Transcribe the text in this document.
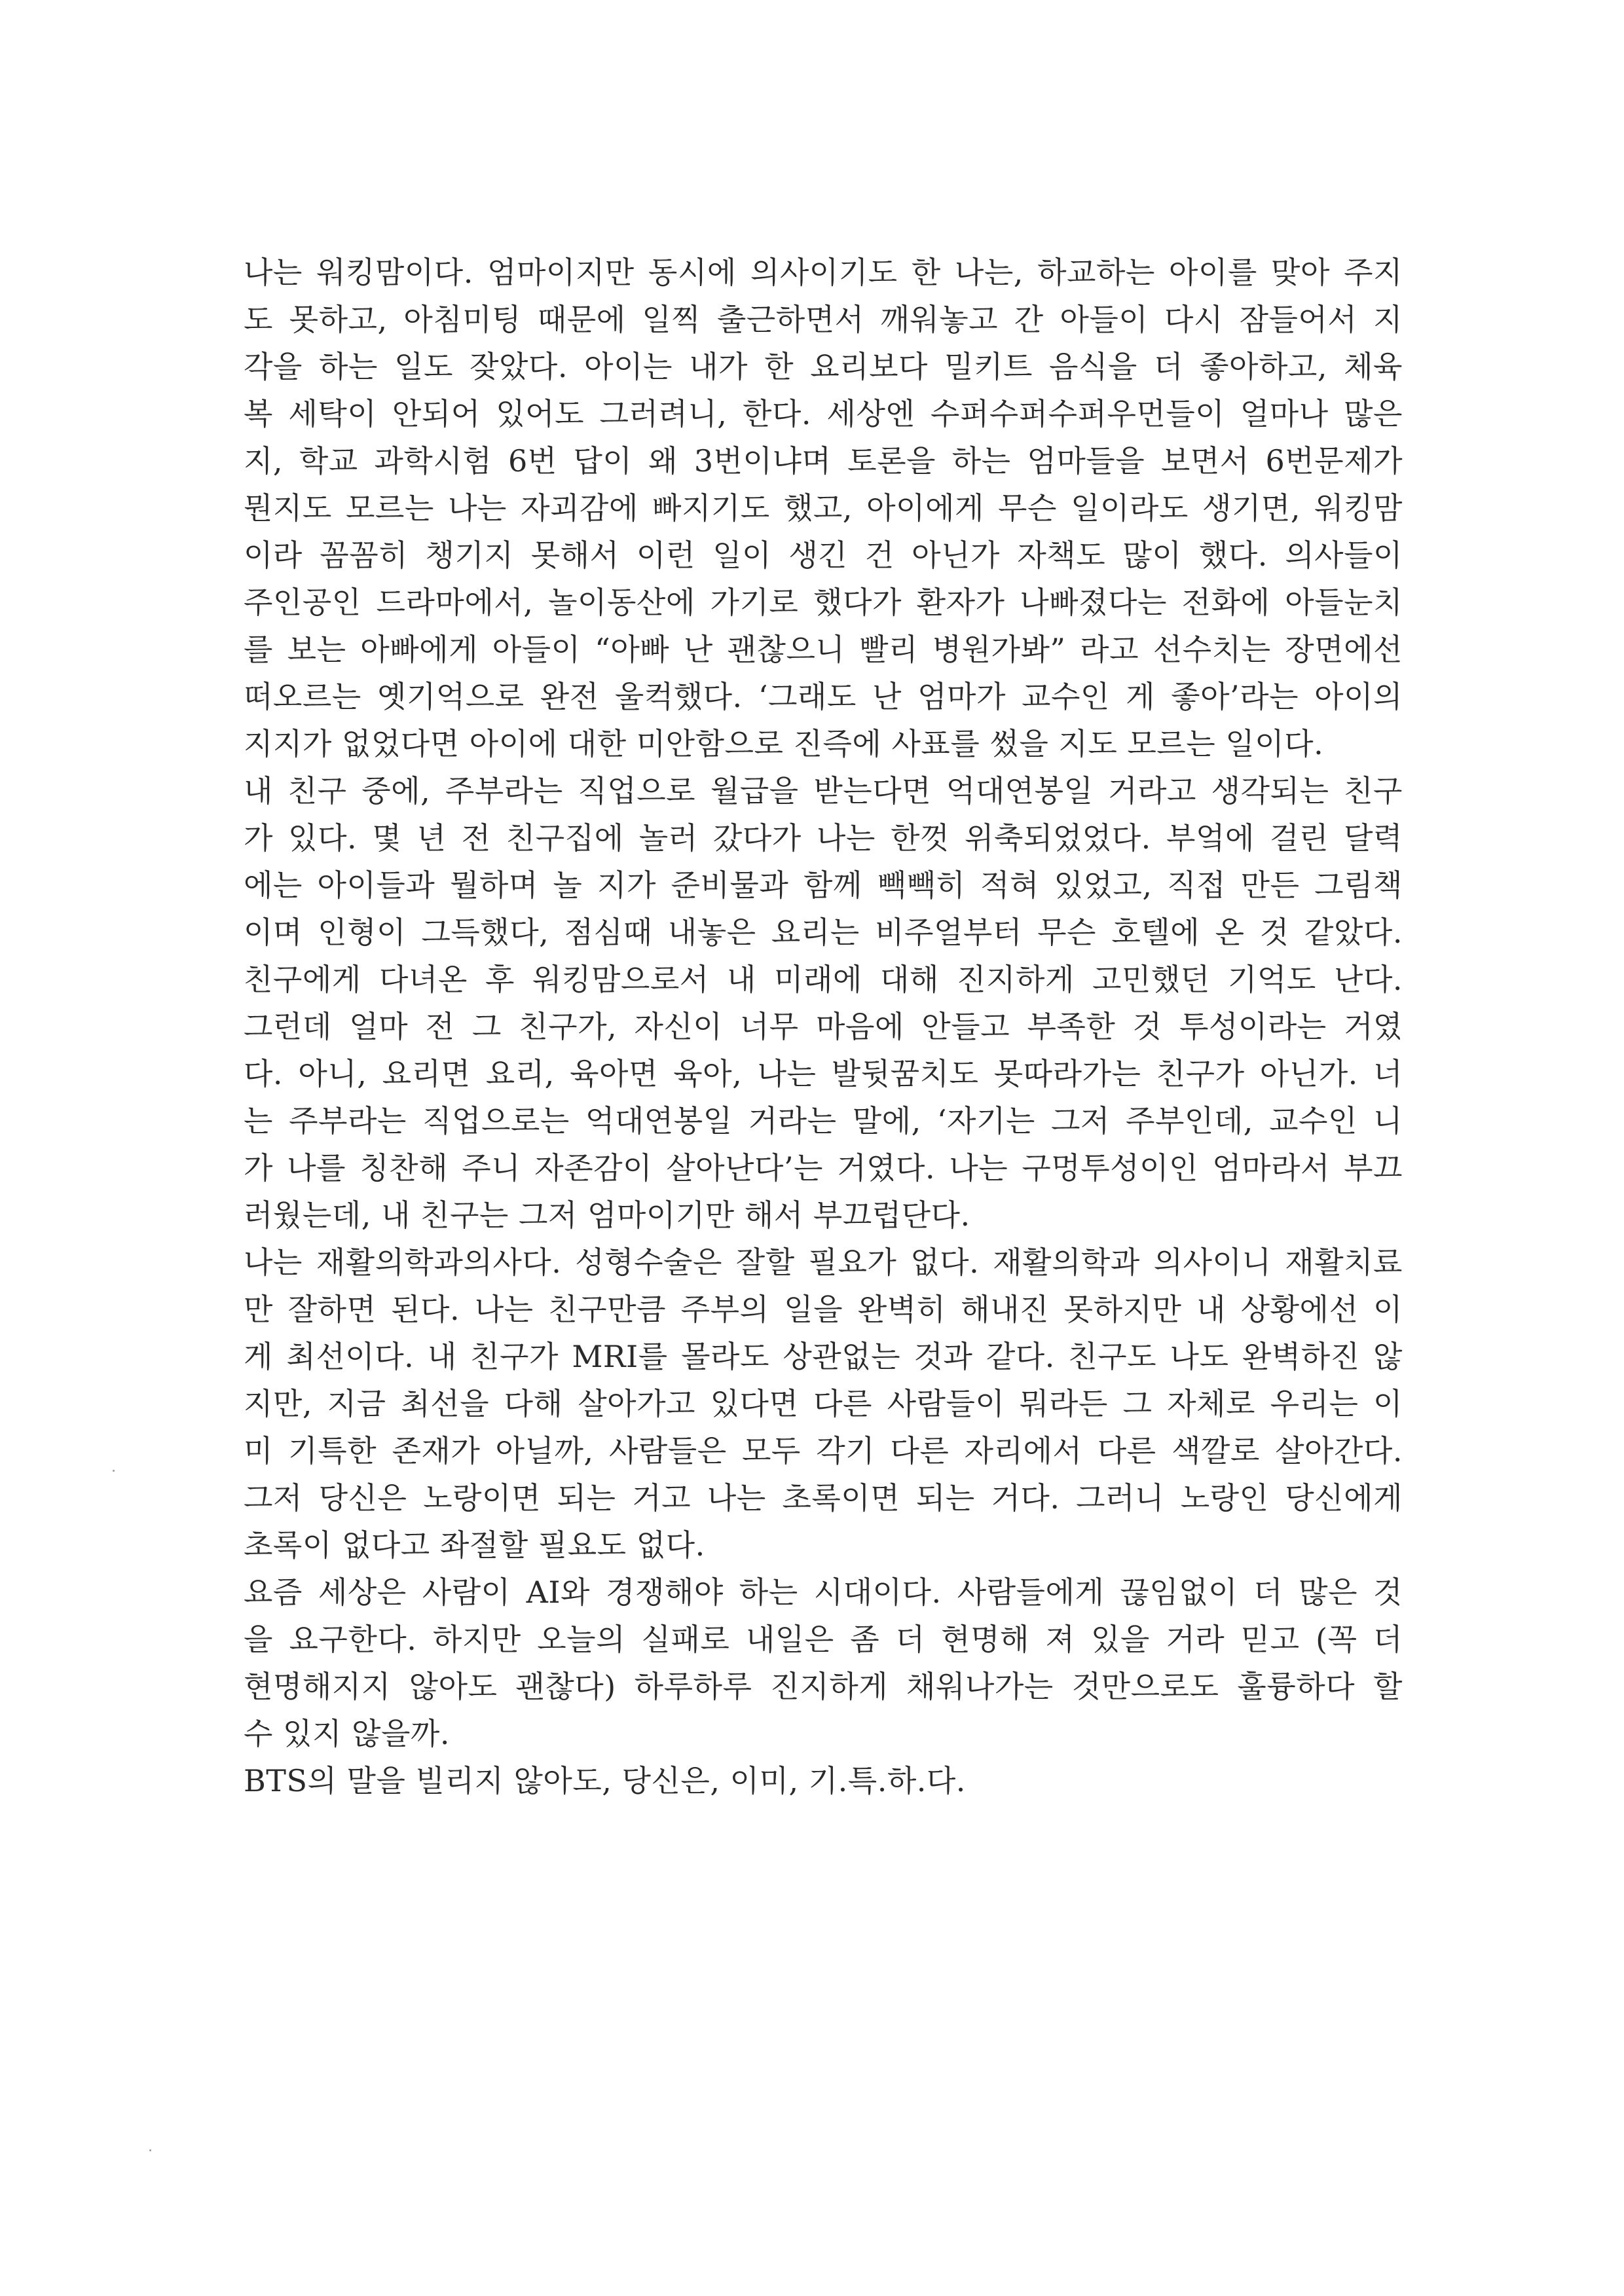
나는 워킹맘이다. 엄마이지만 동시에 의사이기도 한 나는, 하교하는 아이를 맞아 주지
도 못하고, 아침미팅 때문에 일찍 출근하면서 깨워놓고 간 아들이 다시 잠들어서 지
각을 하는 일도 잦았다. 아이는 내가 한 요리보다 밀키트 음식을 더 좋아하고, 체육
복 세탁이 안되어 있어도 그러려니, 한다. 세상엔 수퍼수퍼수퍼우먼들이 얼마나 많은
지, 학교 과학시험 6번 답이 왜 3번이냐며 토론을 하는 엄마들을 보면서 6번문제가
뭔지도 모르는 나는 자괴감에 빠지기도 했고, 아이에게 무슨 일이라도 생기면, 워킹맘
이라 꼼꼼히 챙기지 못해서 이런 일이 생긴 건 아닌가 자책도 많이 했다. 의사들이
주인공인 드라마에서, 놀이동산에 가기로 했다가 환자가 나빠졌다는 전화에 아들눈치
를 보는 아빠에게 아들이 “아빠 난 괜찮으니 빨리 병원가봐” 라고 선수치는 장면에선
떠오르는 옛기억으로 완전 울컥했다. ‘그래도 난 엄마가 교수인 게 좋아’라는 아이의
지지가 없었다면 아이에 대한 미안함으로 진즉에 사표를 썼을 지도 모르는 일이다.
내 친구 중에, 주부라는 직업으로 월급을 받는다면 억대연봉일 거라고 생각되는 친구
가 있다. 몇 년 전 친구집에 놀러 갔다가 나는 한껏 위축되었었다. 부엌에 걸린 달력
에는 아이들과 뭘하며 놀 지가 준비물과 함께 빽빽히 적혀 있었고, 직접 만든 그림책
이며 인형이 그득했다, 점심때 내놓은 요리는 비주얼부터 무슨 호텔에 온 것 같았다.
친구에게 다녀온 후 워킹맘으로서 내 미래에 대해 진지하게 고민했던 기억도 난다.
그런데 얼마 전 그 친구가, 자신이 너무 마음에 안들고 부족한 것 투성이라는 거였
다. 아니, 요리면 요리, 육아면 육아, 나는 발뒷꿈치도 못따라가는 친구가 아닌가. 너
는 주부라는 직업으로는 억대연봉일 거라는 말에, ‘자기는 그저 주부인데, 교수인 니
가 나를 칭찬해 주니 자존감이 살아난다’는 거였다. 나는 구멍투성이인 엄마라서 부끄
러웠는데, 내 친구는 그저 엄마이기만 해서 부끄럽단다.
나는 재활의학과의사다. 성형수술은 잘할 필요가 없다. 재활의학과 의사이니 재활치료
만 잘하면 된다. 나는 친구만큼 주부의 일을 완벽히 해내진 못하지만 내 상황에선 이
게 최선이다. 내 친구가 MRI를 몰라도 상관없는 것과 같다. 친구도 나도 완벽하진 않
지만, 지금 최선을 다해 살아가고 있다면 다른 사람들이 뭐라든 그 자체로 우리는 이
미 기특한 존재가 아닐까, 사람들은 모두 각기 다른 자리에서 다른 색깔로 살아간다.
그저 당신은 노랑이면 되는 거고 나는 초록이면 되는 거다. 그러니 노랑인 당신에게
초록이 없다고 좌절할 필요도 없다.
요즘 세상은 사람이 AI와 경쟁해야 하는 시대이다. 사람들에게 끊임없이 더 많은 것
을 요구한다. 하지만 오늘의 실패로 내일은 좀 더 현명해 져 있을 거라 믿고 (꼭 더
현명해지지 않아도 괜찮다) 하루하루 진지하게 채워나가는 것만으로도 훌륭하다 할
수 있지 않을까.
BTS의 말을 빌리지 않아도, 당신은, 이미, 기.특.하.다.
